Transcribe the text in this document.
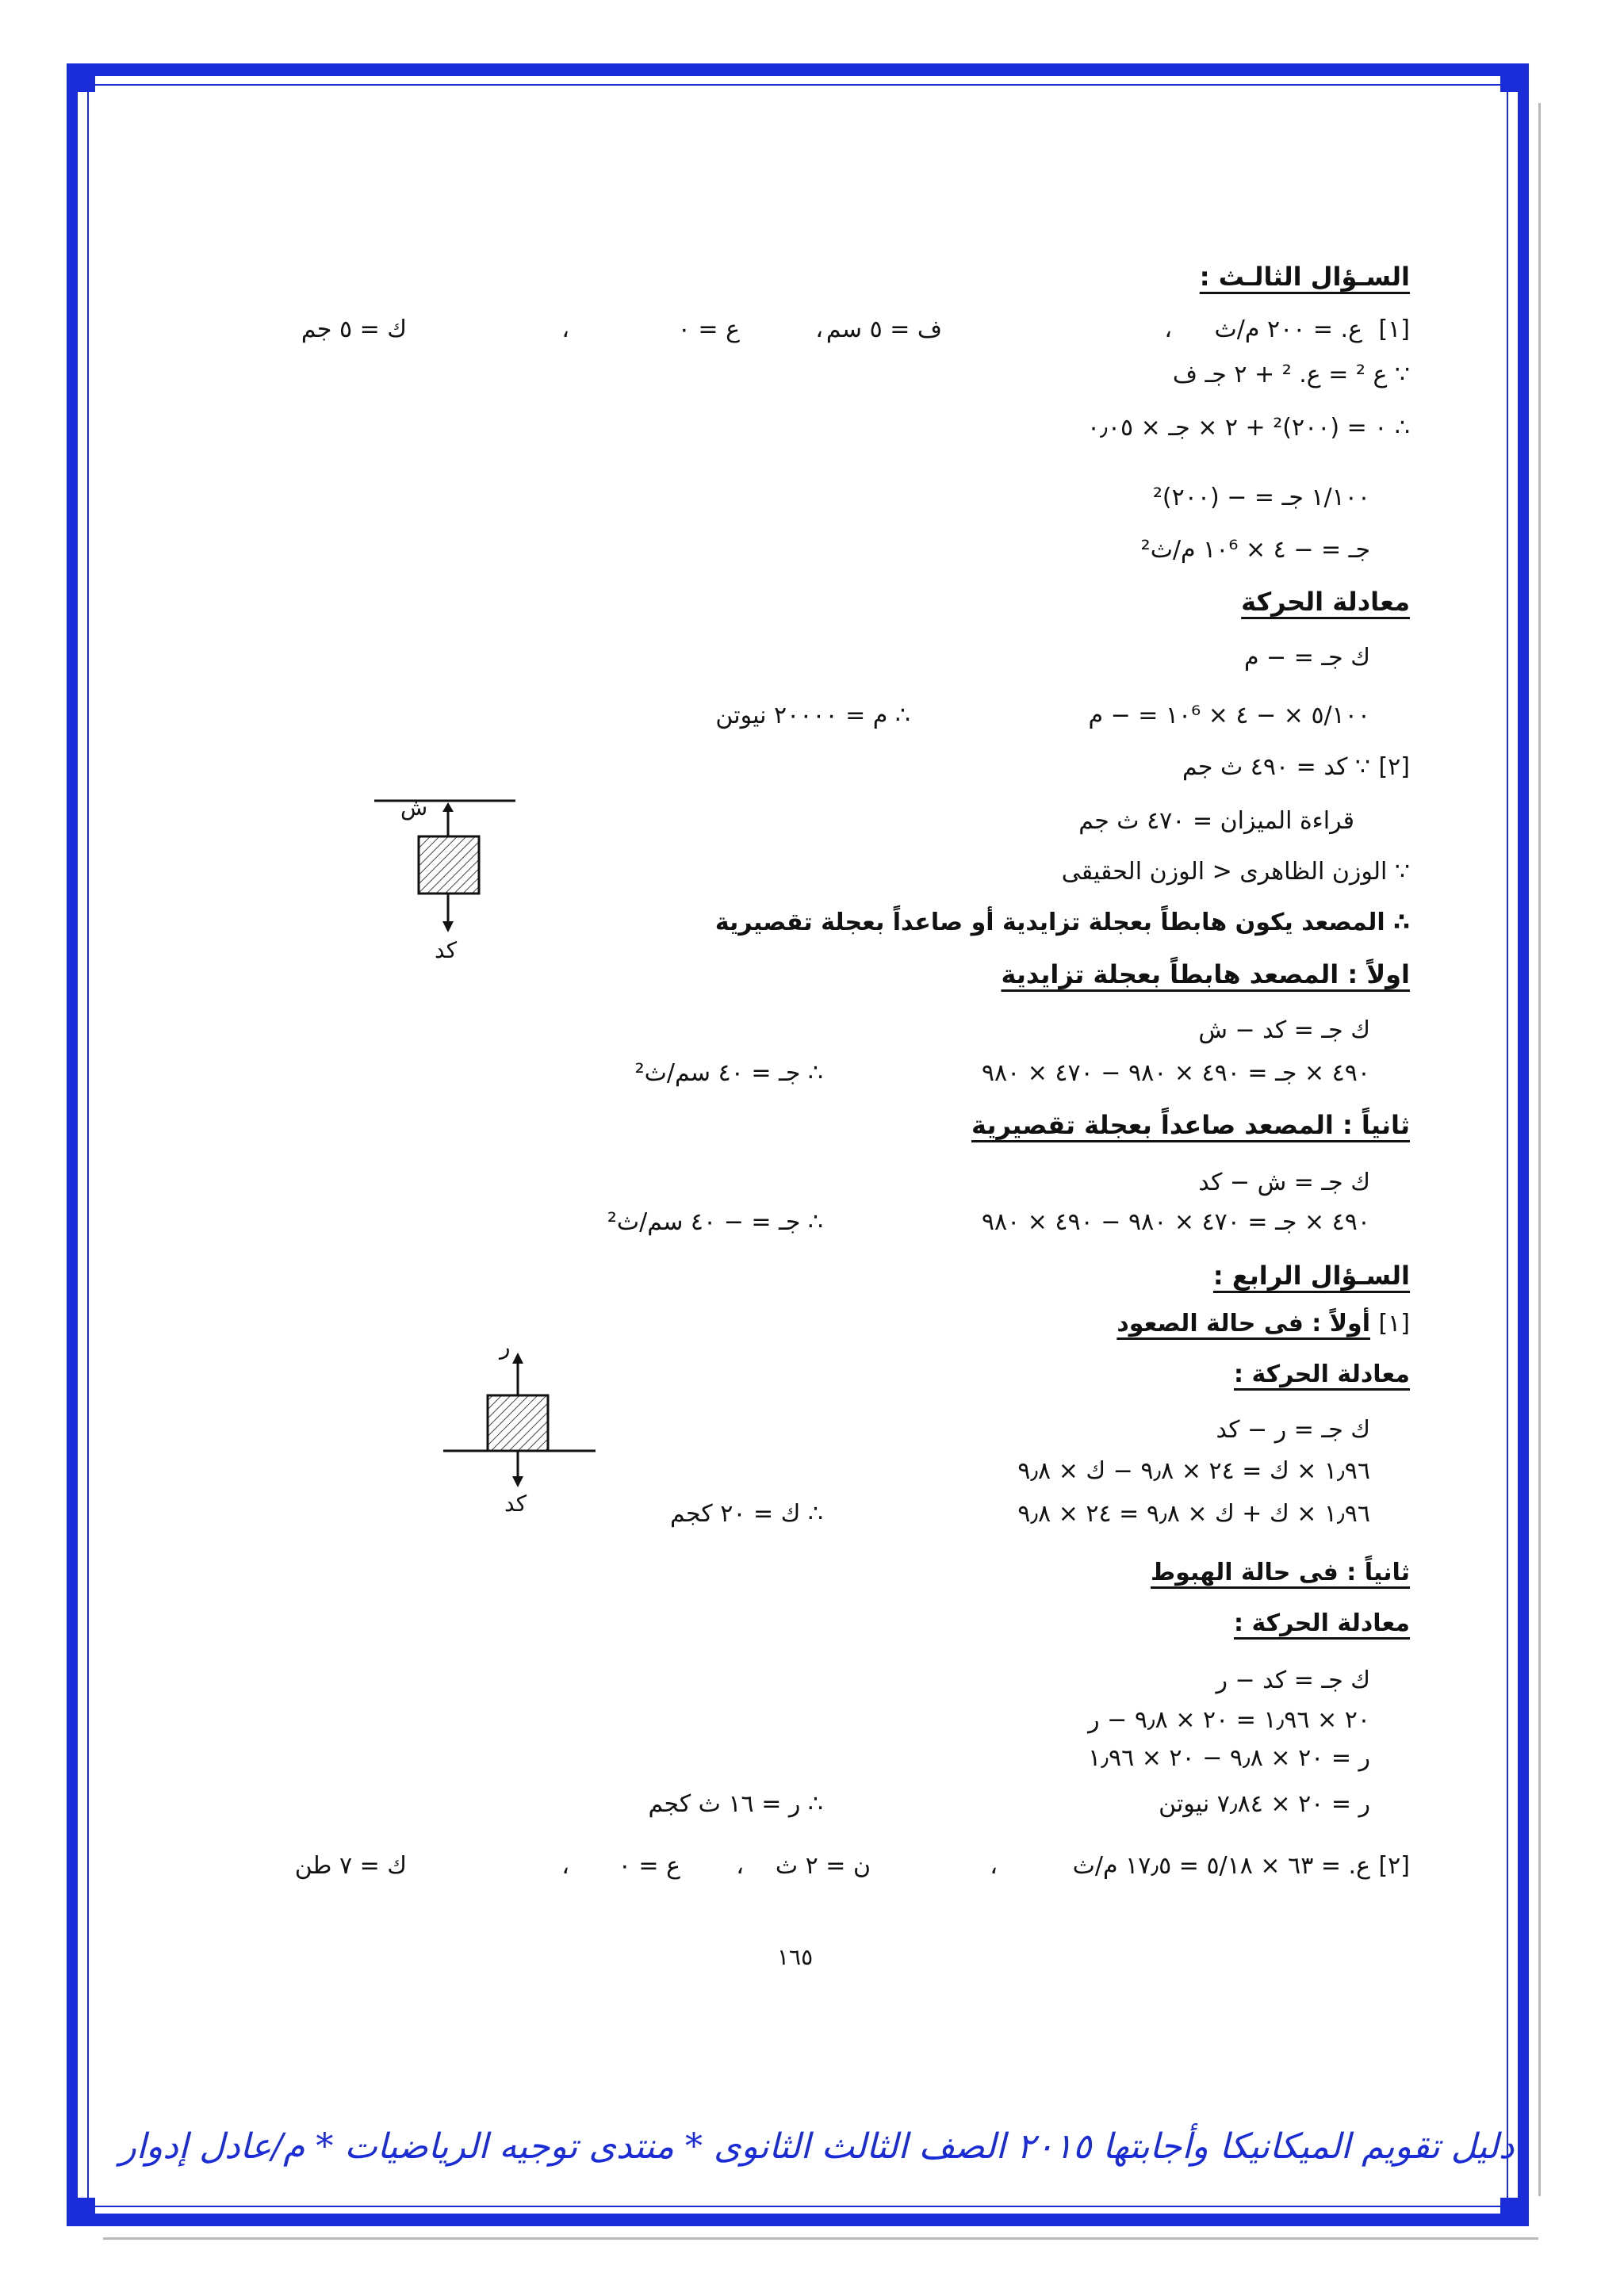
السـؤال الثالـث :
[١]
ع. = ٢٠٠ م/ث
،
ف = ٥ سم
،
ع = ٠
،
ك = ٥ جم
∵ ع ² = ع. ² + ٢ جـ ف
∴ ٠ = (٢٠٠)² + ٢ × جـ × ٠٫٠٥
١/١٠٠ جـ = − (٢٠٠)²
جـ = − ٤ × ١٠⁶ م/ث²
معادلة الحركة
ك جـ = − م
٥/١٠٠ × − ٤ × ١٠⁶ = − م
∴ م = ٢٠٠٠٠ نيوتن
[٢]
∵ كد = ٤٩٠ ث جم
قراءة الميزان = ٤٧٠ ث جم
∵ الوزن الظاهرى < الوزن الحقيقى
∴ المصعد يكون هابطاً بعجلة تزايدية أو صاعداً بعجلة تقصيرية
اولاً : المصعد هابطاً بعجلة تزايدية
ك جـ = كد − ش
٤٩٠ × جـ = ٤٩٠ × ٩٨٠ − ٤٧٠ × ٩٨٠
∴ جـ = ٤٠ سم/ث²
ثانياً : المصعد صاعداً بعجلة تقصيرية
ك جـ = ش − كد
٤٩٠ × جـ = ٤٧٠ × ٩٨٠ − ٤٩٠ × ٩٨٠
∴ جـ = − ٤٠ سم/ث²
ش
كد
السـؤال الرابع :
[١]
أولاً : فى حالة الصعود
معادلة الحركة :
ك جـ = ر − كد
١٫٩٦ × ك = ٢٤ × ٩٫٨ − ك × ٩٫٨
١٫٩٦ × ك + ك × ٩٫٨ = ٢٤ × ٩٫٨
∴ ك = ٢٠ كجم
ر
كد
ثانياً : فى حالة الهبوط
معادلة الحركة :
ك جـ = كد − ر
٢٠ × ١٫٩٦ = ٢٠ × ٩٫٨ − ر
ر = ٢٠ × ٩٫٨ − ٢٠ × ١٫٩٦
ر = ٢٠ × ٧٫٨٤ نيوتن
∴ ر = ١٦ ث كجم
[٢]
ع. = ٦٣ × ٥/١٨ = ١٧٫٥ م/ث
،
ن = ٢ ث
،
ع = ٠
،
ك = ٧ طن
١٦٥
دليل تقويم الميكانيكا وأجابتها ٢٠١٥ الصف الثالث الثانوى * منتدى توجيه الرياضيات * م/عادل إدوار
